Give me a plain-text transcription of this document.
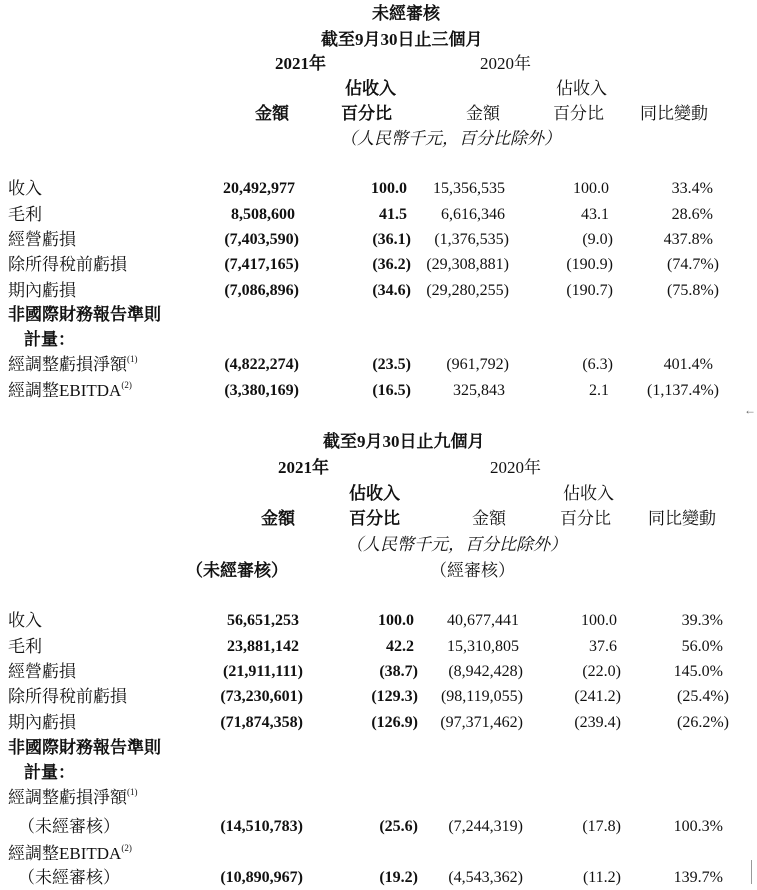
未經審核
截至9月30日止三個月
2021年	2020年
佔收入	佔收入
金額	百分比	金額	百分比 同比變動
（人民幣千元，百分比除外）
收入	20,492,977	100.0 15,356,535	100.0	33.4%
毛利	8,508,600	41.5 6,616,346	43.1	28.6%
經營虧損	(7,403,590)	(36.1) (1,376,535)	(9.0)	437.8%
除所得稅前虧損	(7,417,165)	(36.2) (29,308,881)	(190.9)	(74.7%)
期內虧損	(7,086,896)	(34.6) (29,280,255)	(190.7)	(75.8%)
非國際財務報告準則
計量：
經調整虧損淨額$^{(1)}$	(4,822,274)	(23.5) (961,792)	(6.3)	401.4%
經調整EBITDA$^{(2)}$	(3,380,169)	(16.5)	325,843	2.1 (1,137.4%)
←
截至9月30日止九個月
2021年	2020年
佔收入	佔收入
金額	百分比	金額	百分比 同比變動
（人民幣千元，百分比除外）
（未經審核）	（經審核）
收入	56,651,253	100.0 40,677,441	100.0	39.3%
毛利	23,881,142	42.2 15,310,805	37.6	56.0%
經營虧損	(21,911,111)	(38.7) (8,942,428)	(22.0)	145.0%
除所得稅前虧損	(73,230,601)	(129.3) (98,119,055)	(241.2)	(25.4%)
期內虧損	(71,874,358)	(126.9) (97,371,462)	(239.4)	(26.2%)
非國際財務報告準則
計量：
經調整虧損淨額$^{(1)}$
（未經審核）	(14,510,783)	(25.6) (7,244,319)	(17.8)	100.3%
經調整EBITDA$^{(2)}$
（未經審核）	(10,890,967)	(19.2) (4,543,362)	(11.2)	139.7%
